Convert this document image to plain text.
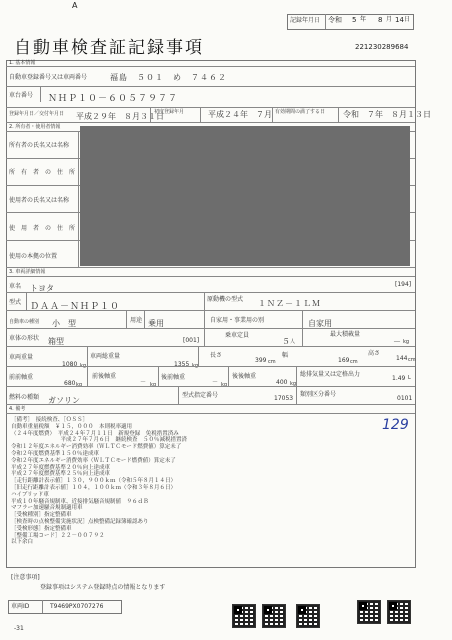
A
記録年月日 令和 5 年 8 月 14 日
自動車検査証記録事項	221230289684
1. 基本情報
自動車登録番号又は車両番号	福島　５０１　め　７４６２
車台番号 ＮＨＰ１０－６０５７９７７
初度登録年月	平成２４年　７月 有効期間の満了する日 令和　７年　８月１３日
登録年月日／交付年月日 平成２９年　８月３１日
2. 所有者・使用者情報
所有者の氏名又は名称
所　有　者　の　住　所
使用者の氏名又は名称
使　用　者　の　住　所
使用の本拠の位置
3. 車両詳細情報
[194]
車名 トヨタ
型式 ＤＡＡ－ＮＨＰ１０
原動機の型式 １ＮＺ－１ＬＭ
自動車の種別 小　型	用途 乗用	自家用・事業用の別	自家用
車体の形状 箱型	[001]
乗車定員
５ 人
最大積載量
－ kg
車両重量
1080 kg
車両総重量
1355 kg
長さ
399 cm
幅
169 cm
高さ
144 cm
前前軸重
680 kg
前後軸重
－ kg
後前軸重
－ kg
後後軸重
400 kg
総排気量又は定格出力
1.49 L
燃料の種類 ガソリン
型式指定番号	17053
類別区分番号
0101
4. 備考
129
［備考］　接続検査、［ＯＳＳ］
自動車重量税額　￥１５，０００　本則税率適用
（２４年度燃費）　平成２４年７月１１日　新規登録　免税措置済み
　　　　　　　　　平成２７年７月６日　継続検査　５０％減税措置済
令和１２年度エネルギー消費効率（ＷＬＴＣモード燃費値）算定未了
令和２年度燃費基準１５０％達成車
令和２年度エネルギー消費効率（ＷＬＴＣモード燃費値）算定未了
平成２７年度燃費基準２０％向上達成車
平成２７年度燃費基準２５％向上達成車
［走行距離計表示値］１３０，９００ｋｍ（令和５年８月１４日）
［旧走行距離計表示値］１０４，１００ｋｍ（令和３年８月６日）
ハイブリッド車
平成１０年騒音規制車、近接排気騒音規制値　９６ｄＢ
マフラー加速騒音規制適用車
［受検種別］指定整備車
［検査時の点検整備実施状況］点検整備記録簿確認あり
［受検形態］指定整備車
［整備工場コード］２２－００７９２
以下余白
[注意事項]
登録事項はシステム登録時点の情報となります
車両ID	T9469PX0707276
-31
